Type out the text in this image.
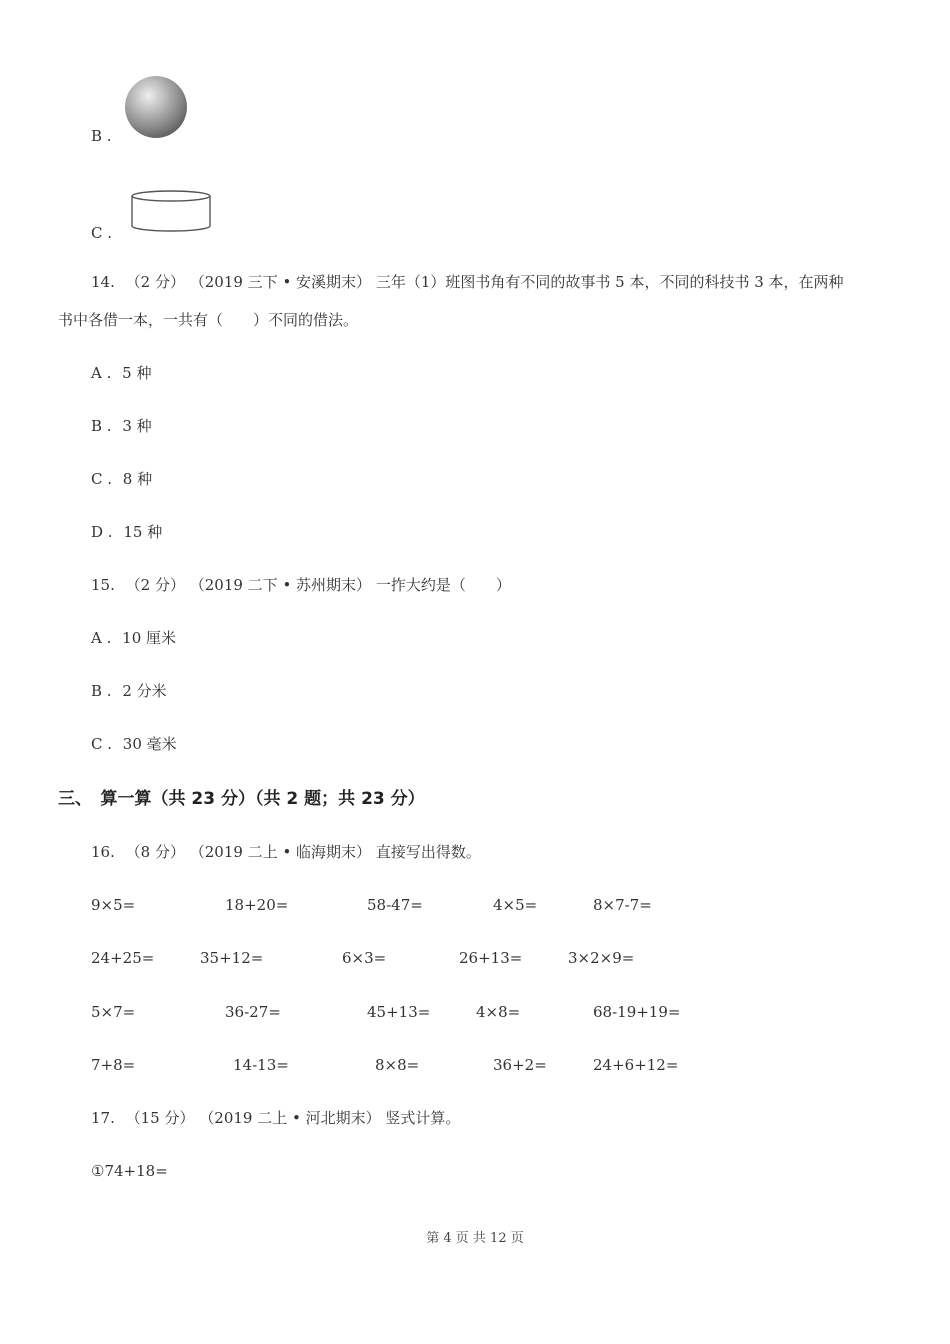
B .
C .
14. （2 分） （2019 三下 • 安溪期末） 三年（1）班图书角有不同的故事书 5 本，不同的科技书 3 本，在两种
书中各借一本，一共有（　　）不同的借法。
A . 5 种
B . 3 种
C . 8 种
D . 15 种
15. （2 分） （2019 二下 • 苏州期末） 一拃大约是（　　）
A . 10 厘米
B . 2 分米
C . 30 毫米
三、　算一算（共 23 分）（共 2 题；共 23 分）
16. （8 分） （2019 二上 • 临海期末） 直接写出得数。
9×5=	18+20=	58-47=	4×5=	8×7-7=
24+25=	35+12=	6×3=	26+13=	3×2×9=
5×7=	36-27=	45+13=	4×8=	68-19+19=
7+8=	14-13=	8×8=	36+2=	24+6+12=
17. （15 分） （2019 二上 • 河北期末） 竖式计算。
①74+18=
第 4 页 共 12 页
